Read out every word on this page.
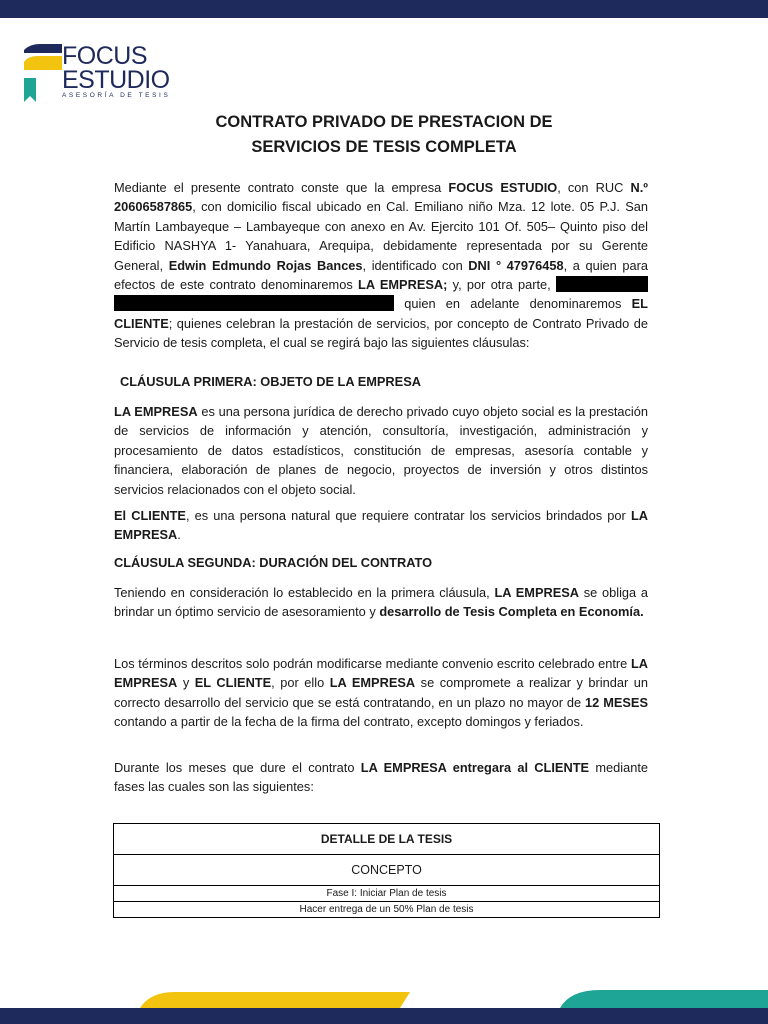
FOCUS
ESTUDIO
ASESORÍA DE TESIS
CONTRATO PRIVADO DE PRESTACION DE
SERVICIOS DE TESIS COMPLETA

Mediante el presente contrato conste que la empresa FOCUS ESTUDIO, con RUC N.º 20606587865, con domicilio fiscal ubicado en Cal. Emiliano niño Mza. 12 lote. 05 P.J. San Martín Lambayeque – Lambayeque con anexo en Av. Ejercito 101 Of. 505– Quinto piso del Edificio NASHYA 1- Yanahuara, Arequipa, debidamente representada por su Gerente General, Edwin Edmundo Rojas Bances, identificado con DNI ° 47976458, a quien para efectos de este contrato denominaremos LA EMPRESA; y, por otra parte,   quien en adelante denominaremos EL CLIENTE; quienes celebran la prestación de servicios, por concepto de Contrato Privado de Servicio de tesis completa, el cual se regirá bajo las siguientes cláusulas:

CLÁUSULA PRIMERA: OBJETO DE LA EMPRESA

LA EMPRESA es una persona jurídica de derecho privado cuyo objeto social es la prestación de servicios de información y atención, consultoría, investigación, administración y procesamiento de datos estadísticos, constitución de empresas, asesoría contable y financiera, elaboración de planes de negocio, proyectos de inversión y otros distintos servicios relacionados con el objeto social.

El CLIENTE, es una persona natural que requiere contratar los servicios brindados por LA EMPRESA.

CLÁUSULA SEGUNDA: DURACIÓN DEL CONTRATO

Teniendo en consideración lo establecido en la primera cláusula, LA EMPRESA se obliga a brindar un óptimo servicio de asesoramiento y desarrollo de Tesis Completa en Economía.

Los términos descritos solo podrán modificarse mediante convenio escrito celebrado entre LA EMPRESA y EL CLIENTE, por ello LA EMPRESA se compromete a realizar y brindar un correcto desarrollo del servicio que se está contratando, en un plazo no mayor de 12 MESES contando a partir de la fecha de la firma del contrato, excepto domingos y feriados.

Durante los meses que dure el contrato LA EMPRESA entregara al CLIENTE mediante fases las cuales son las siguientes:

DETALLE DE LA TESIS
CONCEPTO
Fase I: Iniciar Plan de tesis
Hacer entrega de un 50% Plan de tesis
